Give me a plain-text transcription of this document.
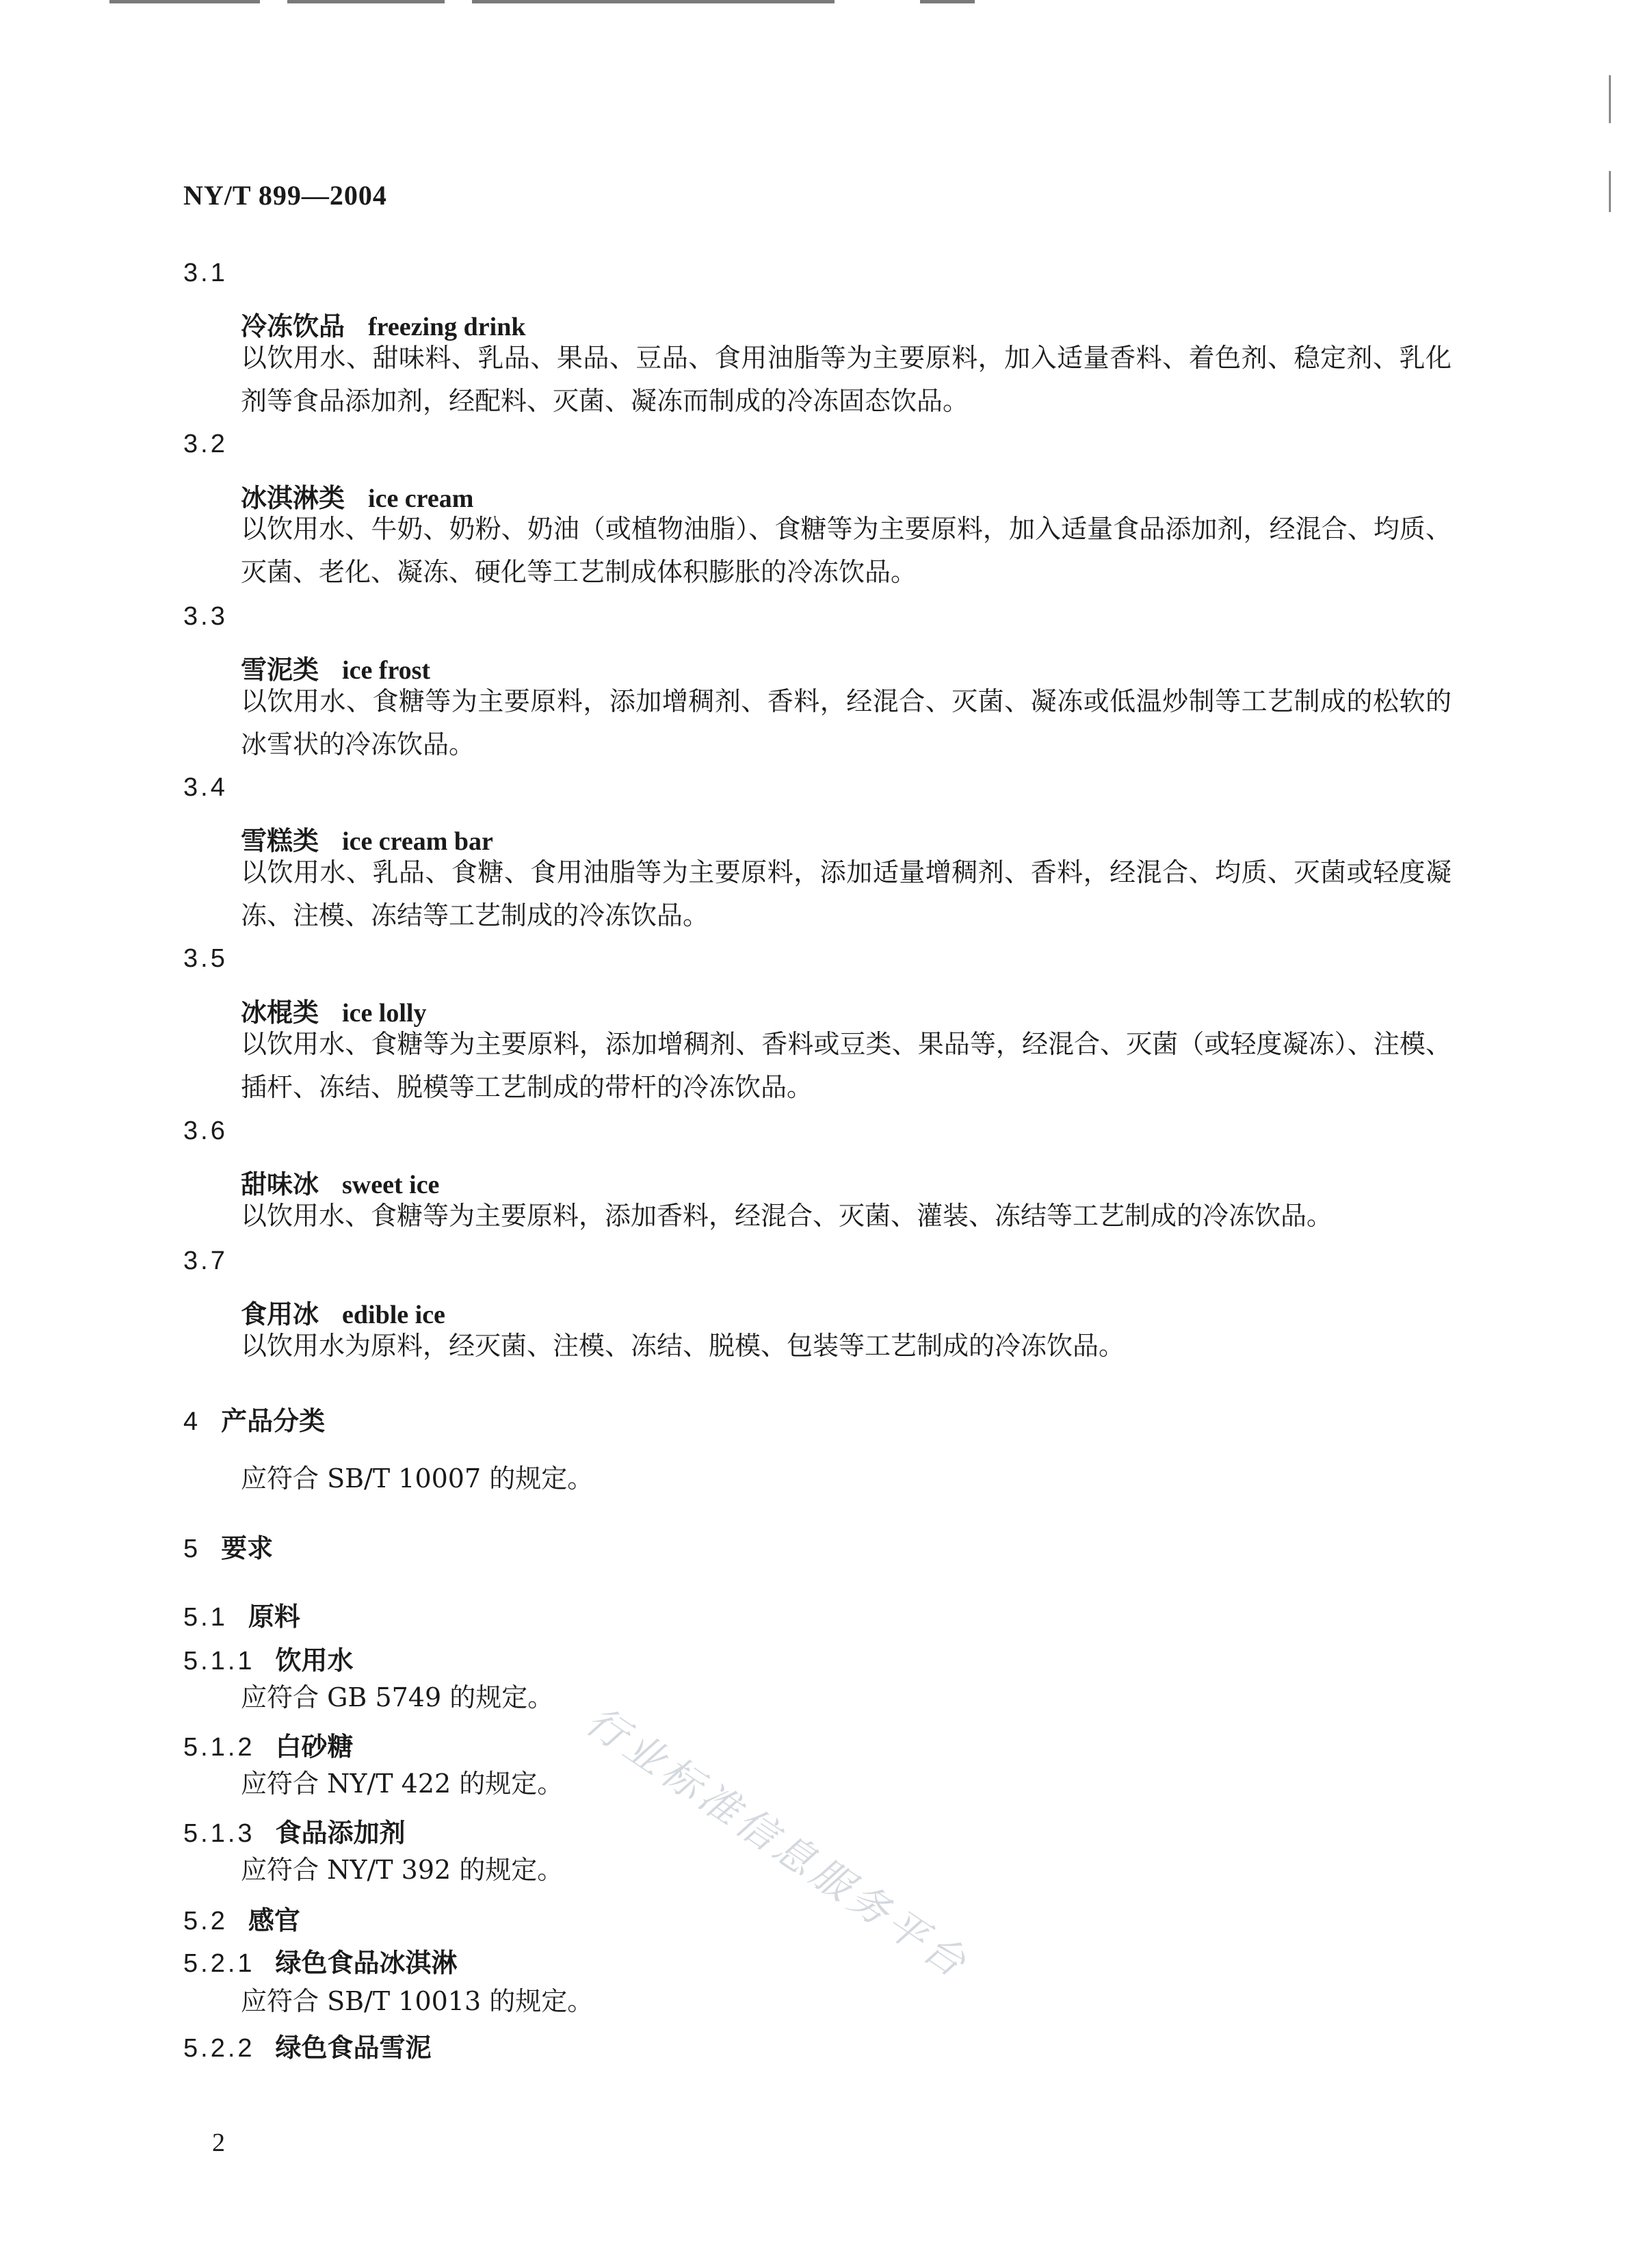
NY/T 899—2004
3.1
冷冻饮品 freezing drink
以饮用水、甜味料、乳品、果品、豆品、食用油脂等为主要原料，加入适量香料、着色剂、稳定剂、乳化剂等食品添加剂，经配料、灭菌、凝冻而制成的冷冻固态饮品。
3.2
冰淇淋类 ice cream
以饮用水、牛奶、奶粉、奶油（或植物油脂）、食糖等为主要原料，加入适量食品添加剂，经混合、均质、灭菌、老化、凝冻、硬化等工艺制成体积膨胀的冷冻饮品。
3.3
雪泥类 ice frost
以饮用水、食糖等为主要原料，添加增稠剂、香料，经混合、灭菌、凝冻或低温炒制等工艺制成的松软的冰雪状的冷冻饮品。
3.4
雪糕类 ice cream bar
以饮用水、乳品、食糖、食用油脂等为主要原料，添加适量增稠剂、香料，经混合、均质、灭菌或轻度凝冻、注模、冻结等工艺制成的冷冻饮品。
3.5
冰棍类 ice lolly
以饮用水、食糖等为主要原料，添加增稠剂、香料或豆类、果品等，经混合、灭菌（或轻度凝冻）、注模、插杆、冻结、脱模等工艺制成的带杆的冷冻饮品。
3.6
甜味冰 sweet ice
以饮用水、食糖等为主要原料，添加香料，经混合、灭菌、灌装、冻结等工艺制成的冷冻饮品。
3.7
食用冰 edible ice
以饮用水为原料，经灭菌、注模、冻结、脱模、包装等工艺制成的冷冻饮品。
4 产品分类
应符合 SB/T 10007 的规定。
5 要求
5.1 原料
5.1.1 饮用水
应符合 GB 5749 的规定。
5.1.2 白砂糖
应符合 NY/T 422 的规定。
5.1.3 食品添加剂
应符合 NY/T 392 的规定。
5.2 感官
5.2.1 绿色食品冰淇淋
应符合 SB/T 10013 的规定。
5.2.2 绿色食品雪泥
2
行业标准信息服务平台
